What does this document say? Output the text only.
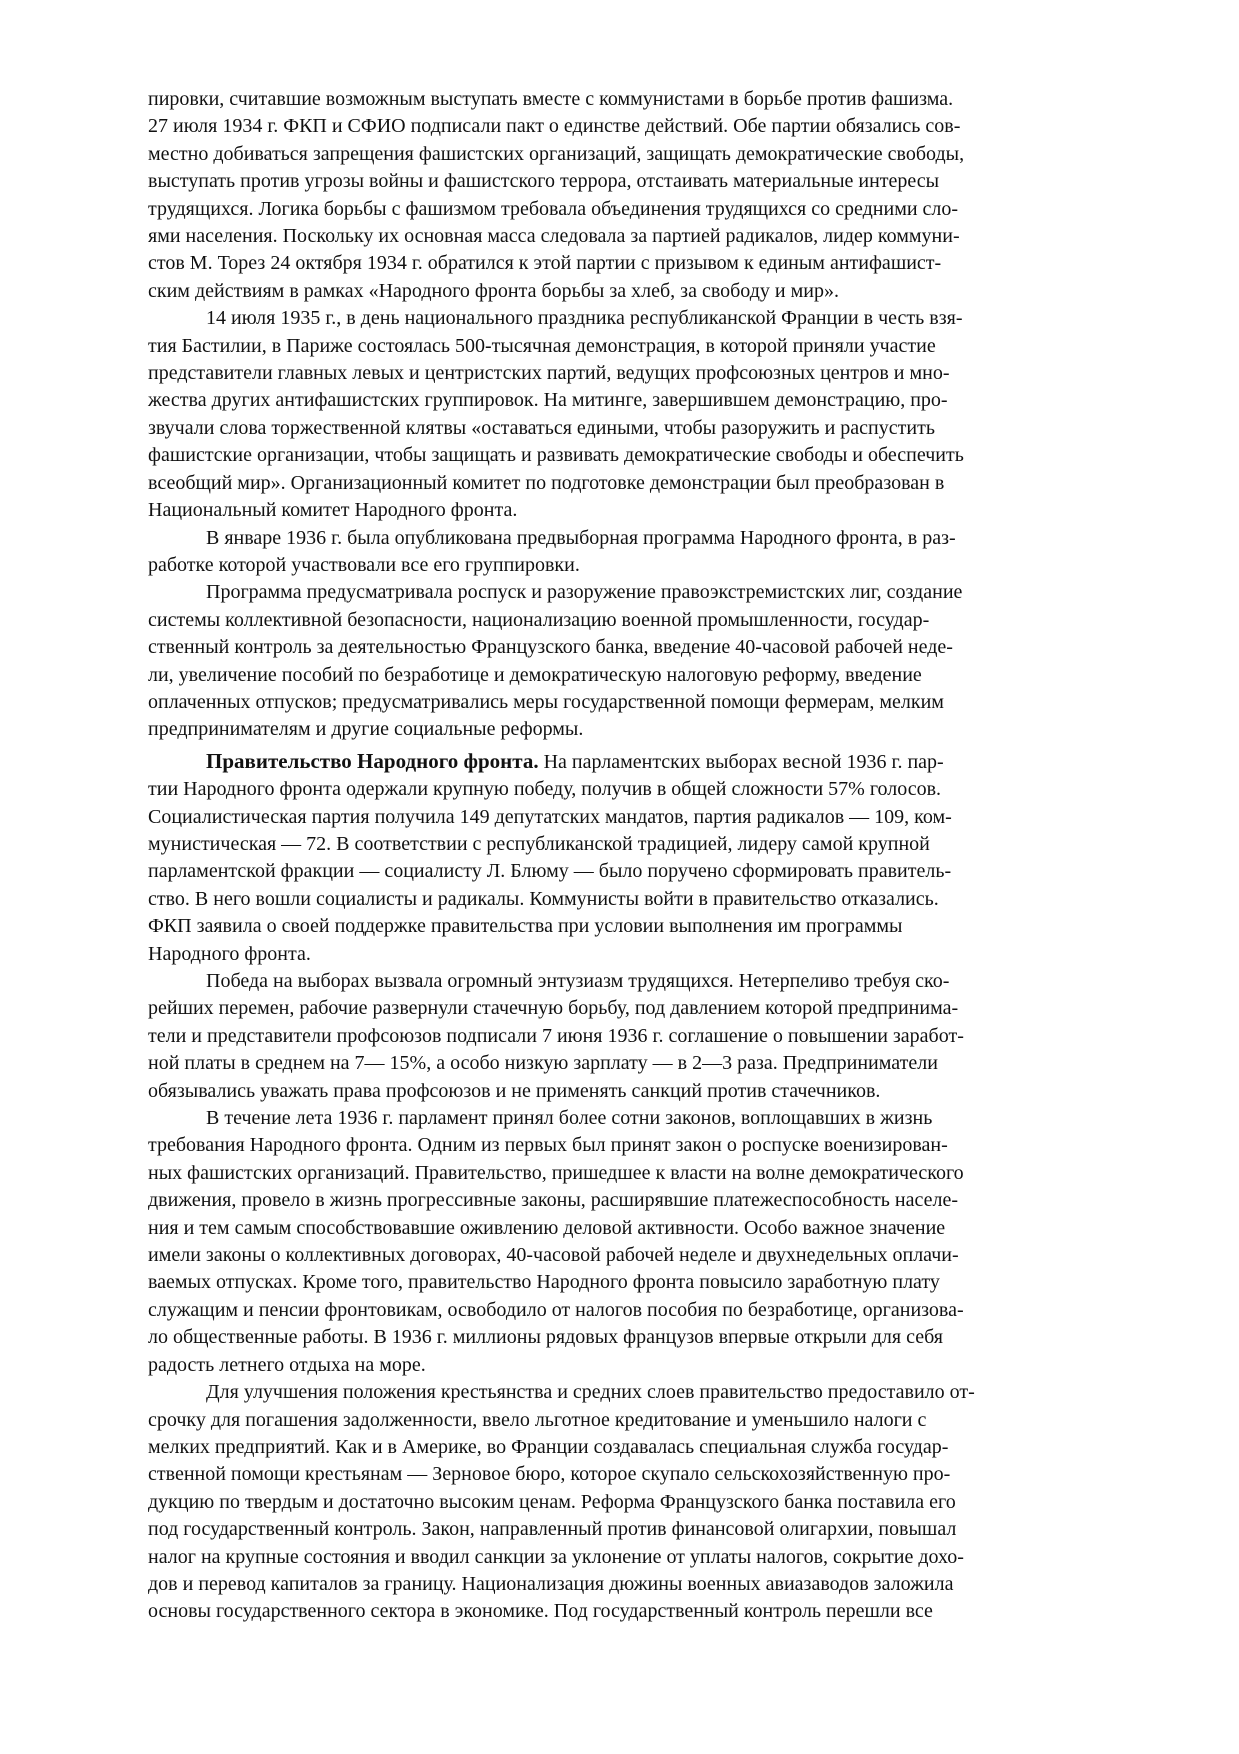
пировки, считавшие возможным выступать вместе с коммунистами в борьбе против фашизма.
27 июля 1934 г. ФКП и СФИО подписали пакт о единстве действий. Обе партии обязались сов-
местно добиваться запрещения фашистских организаций, защищать демократические свободы,
выступать против угрозы войны и фашистского террора, отстаивать материальные интересы
трудящихся. Логика борьбы с фашизмом требовала объединения трудящихся со средними сло-
ями населения. Поскольку их основная масса следовала за партией радикалов, лидер коммуни-
стов М. Торез 24 октября 1934 г. обратился к этой партии с призывом к единым антифашист-
ским действиям в рамках «Народного фронта борьбы за хлеб, за свободу и мир».

14 июля 1935 г., в день национального праздника республиканской Франции в честь взя-
тия Бастилии, в Париже состоялась 500-тысячная демонстрация, в которой приняли участие
представители главных левых и центристских партий, ведущих профсоюзных центров и мно-
жества других антифашистских группировок. На митинге, завершившем демонстрацию, про-
звучали слова торжественной клятвы «оставаться едиными, чтобы разоружить и распустить
фашистские организации, чтобы защищать и развивать демократические свободы и обеспечить
всеобщий мир». Организационный комитет по подготовке демонстрации был преобразован в
Национальный комитет Народного фронта.

В январе 1936 г. была опубликована предвыборная программа Народного фронта, в раз-
работке которой участвовали все его группировки.

Программа предусматривала роспуск и разоружение правоэкстремистских лиг, создание
системы коллективной безопасности, национализацию военной промышленности, государ-
ственный контроль за деятельностью Французского банка, введение 40-часовой рабочей неде-
ли, увеличение пособий по безработице и демократическую налоговую реформу, введение
оплаченных отпусков; предусматривались меры государственной помощи фермерам, мелким
предпринимателям и другие социальные реформы.

Правительство Народного фронта. На парламентских выборах весной 1936 г. пар-
тии Народного фронта одержали крупную победу, получив в общей сложности 57% голосов.
Социалистическая партия получила 149 депутатских мандатов, партия радикалов — 109, ком-
мунистическая — 72. В соответствии с республиканской традицией, лидеру самой крупной
парламентской фракции — социалисту Л. Блюму — было поручено сформировать правитель-
ство. В него вошли социалисты и радикалы. Коммунисты войти в правительство отказались.
ФКП заявила о своей поддержке правительства при условии выполнения им программы
Народного фронта.

Победа на выборах вызвала огромный энтузиазм трудящихся. Нетерпеливо требуя ско-
рейших перемен, рабочие развернули стачечную борьбу, под давлением которой предпринима-
тели и представители профсоюзов подписали 7 июня 1936 г. соглашение о повышении заработ-
ной платы в среднем на 7— 15%, а особо низкую зарплату — в 2—3 раза. Предприниматели
обязывались уважать права профсоюзов и не применять санкций против стачечников.

В течение лета 1936 г. парламент принял более сотни законов, воплощавших в жизнь
требования Народного фронта. Одним из первых был принят закон о роспуске военизирован-
ных фашистских организаций. Правительство, пришедшее к власти на волне демократического
движения, провело в жизнь прогрессивные законы, расширявшие платежеспособность населе-
ния и тем самым способствовавшие оживлению деловой активности. Особо важное значение
имели законы о коллективных договорах, 40-часовой рабочей неделе и двухнедельных оплачи-
ваемых отпусках. Кроме того, правительство Народного фронта повысило заработную плату
служащим и пенсии фронтовикам, освободило от налогов пособия по безработице, организова-
ло общественные работы. В 1936 г. миллионы рядовых французов впервые открыли для себя
радость летнего отдыха на море.

Для улучшения положения крестьянства и средних слоев правительство предоставило от-
срочку для погашения задолженности, ввело льготное кредитование и уменьшило налоги с
мелких предприятий. Как и в Америке, во Франции создавалась специальная служба государ-
ственной помощи крестьянам — Зерновое бюро, которое скупало сельскохозяйственную про-
дукцию по твердым и достаточно высоким ценам. Реформа Французского банка поставила его
под государственный контроль. Закон, направленный против финансовой олигархии, повышал
налог на крупные состояния и вводил санкции за уклонение от уплаты налогов, сокрытие дохо-
дов и перевод капиталов за границу. Национализация дюжины военных авиазаводов заложила
основы государственного сектора в экономике. Под государственный контроль перешли все
